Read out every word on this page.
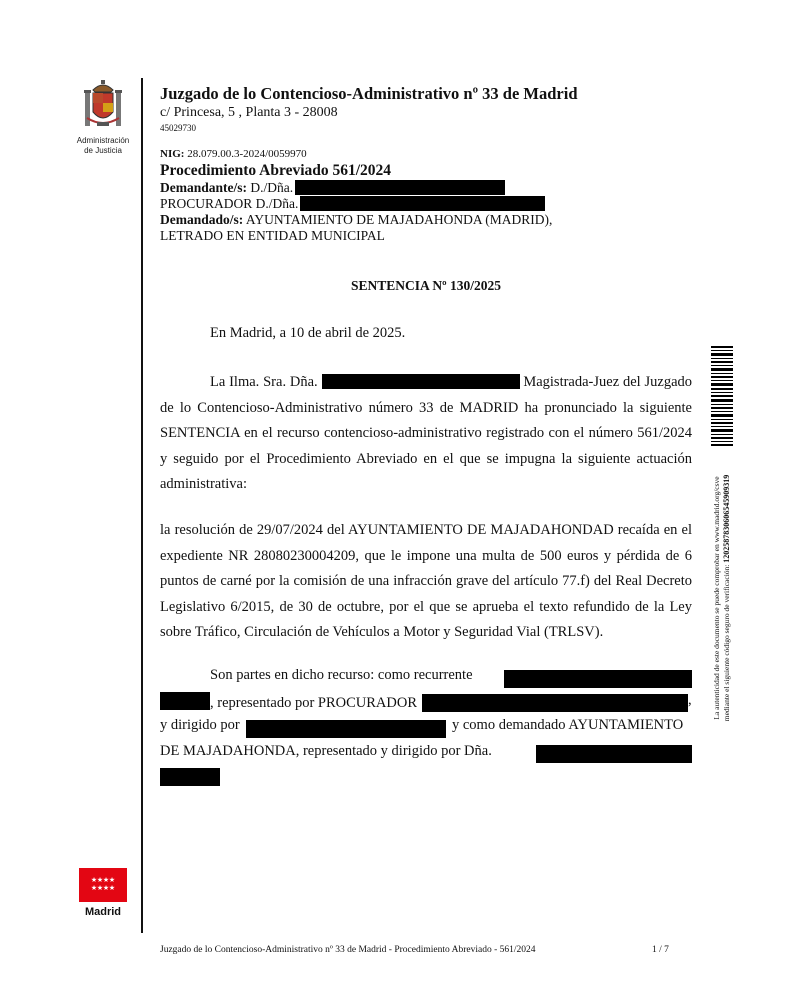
Administración
de Justicia
Juzgado de lo Contencioso-Administrativo nº 33 de Madrid
c/ Princesa, 5 , Planta 3 - 28008
45029730
NIG: 28.079.00.3-2024/0059970
Procedimiento Abreviado 561/2024
Demandante/s: D./Dña.
PROCURADOR D./Dña.
Demandado/s: AYUNTAMIENTO DE MAJADAHONDA (MADRID),
LETRADO EN ENTIDAD MUNICIPAL
SENTENCIA Nº 130/2025
En Madrid, a 10 de abril de 2025.
La Ilma. Sra. Dña.	Magistrada-Juez del Juzgado de lo Contencioso-Administrativo número 33 de MADRID ha pronunciado la siguiente SENTENCIA en el recurso contencioso-administrativo registrado con el número 561/2024 y seguido por el Procedimiento Abreviado en el que se impugna la siguiente actuación administrativa:
la resolución de 29/07/2024 del AYUNTAMIENTO DE MAJADAHONDAD recaída en el expediente NR 28080230004209, que le impone una multa de 500 euros y pérdida de 6 puntos de carné por la comisión de una infracción grave del artículo 77.f) del Real Decreto Legislativo 6/2015, de 30 de octubre, por el que se aprueba el texto refundido de la Ley sobre Tráfico, Circulación de Vehículos a Motor y Seguridad Vial (TRLSV).
Son partes en dicho recurso: como recurrente
, representado por PROCURADOR	,
y dirigido por	y como demandado AYUNTAMIENTO
DE MAJADAHONDA, representado y dirigido por Dña.
La autenticidad de este documento se puede comprobar en www.madrid.org/csve mediante el siguiente código seguro de verificación: 1202587830606545909319
★ ★ ★ ★
★ ★ ★ ★
Madrid
Juzgado de lo Contencioso-Administrativo nº 33 de Madrid - Procedimiento Abreviado - 561/2024	1 / 7
